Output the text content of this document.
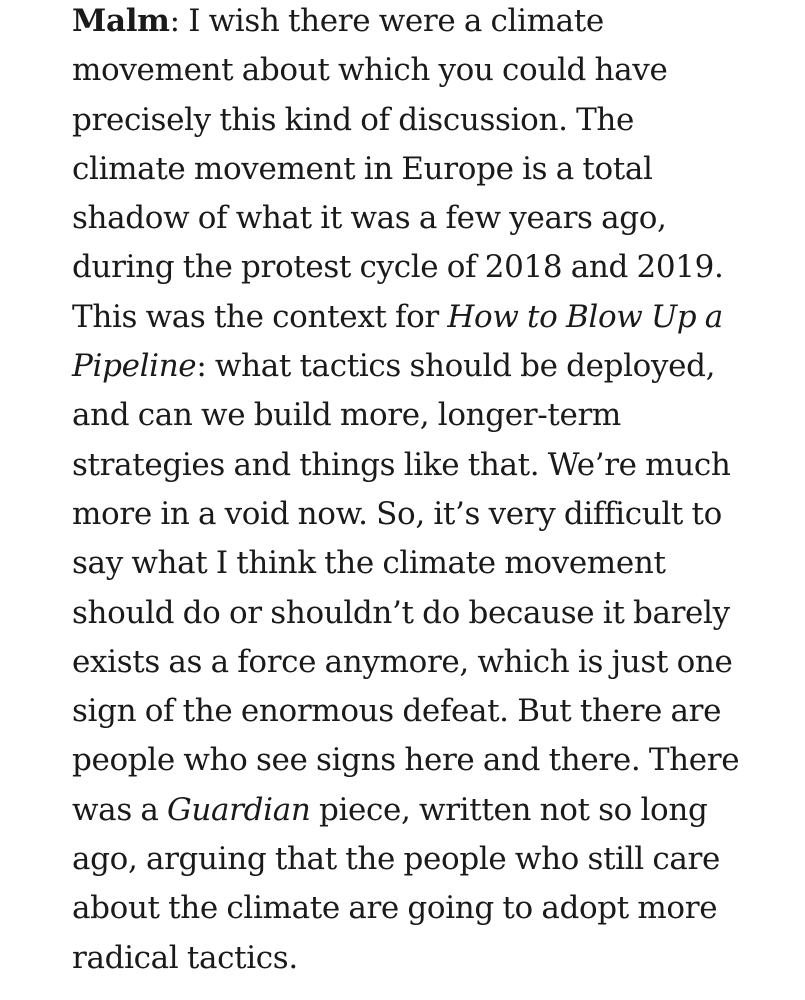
Malm: I wish there were a climate
movement about which you could have
precisely this kind of discussion. The
climate movement in Europe is a total
shadow of what it was a few years ago,
during the protest cycle of 2018 and 2019.
This was the context for How to Blow Up a
Pipeline: what tactics should be deployed,
and can we build more, longer-term
strategies and things like that. We’re much
more in a void now. So, it’s very difficult to
say what I think the climate movement
should do or shouldn’t do because it barely
exists as a force anymore, which is just one
sign of the enormous defeat. But there are
people who see signs here and there. There
was a Guardian piece, written not so long
ago, arguing that the people who still care
about the climate are going to adopt more
radical tactics.
